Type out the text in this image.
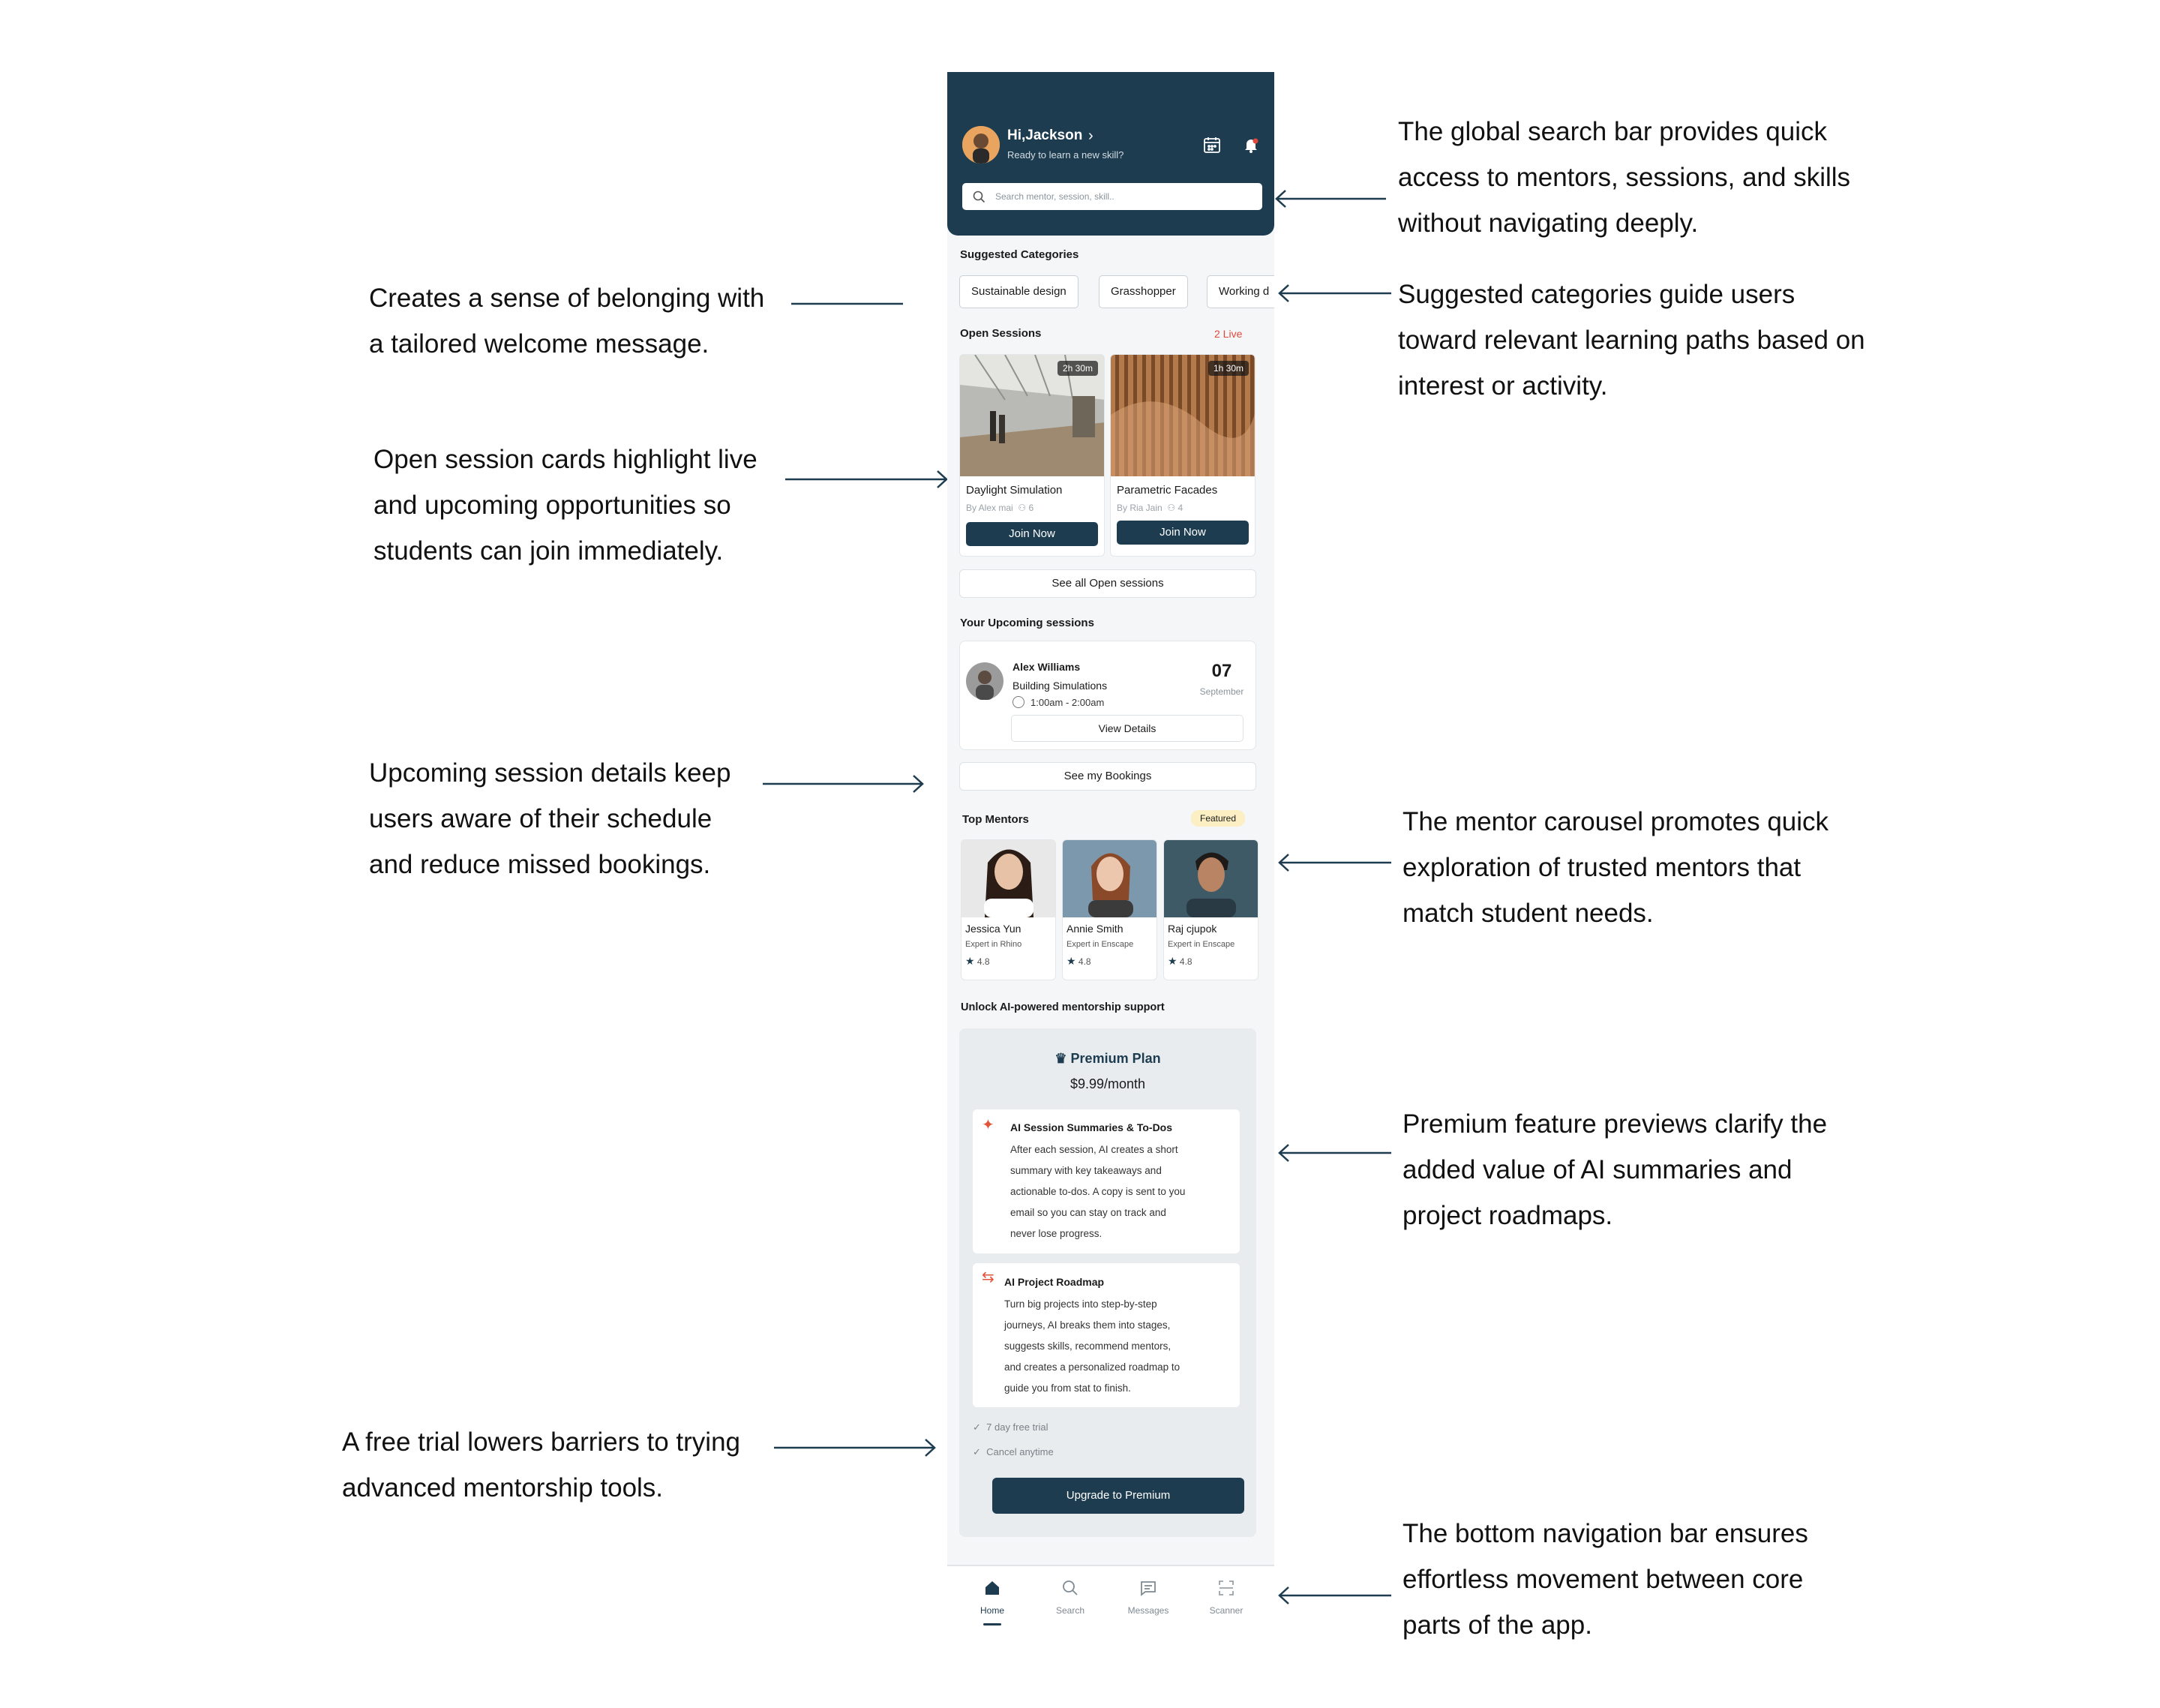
Creates a sense of belonging with
a tailored welcome message.
Open session cards highlight live
and upcoming opportunities so
students can join immediately.
Upcoming session details keep
users aware of their schedule
and reduce missed bookings.
A free trial lowers barriers to trying
advanced mentorship tools.
The global search bar provides quick
access to mentors, sessions, and skills
without navigating deeply.
Suggested categories guide users
toward relevant learning paths based on
interest or activity.
The mentor carousel promotes quick
exploration of trusted mentors that
match student needs.
Premium feature previews clarify the
added value of AI summaries and
project roadmaps.
The bottom navigation bar ensures
effortless movement between core
parts of the app.
Hi,Jackson ›
Ready to learn a new skill?
Search mentor, session, skill..
Suggested Categories
Sustainable design	Grasshopper	Working d
Open Sessions	2 Live
2h 30m
Daylight Simulation
By Alex mai ⚇ 6
Join Now
1h 30m
Parametric Facades
By Ria Jain ⚇ 4
Join Now
See all Open sessions
Your Upcoming sessions
Alex Williams
Building Simulations
1:00am - 2:00am
07
September
View Details
See my Bookings
Top Mentors	Featured
Jessica Yun
Expert in Rhino
★ 4.8
Annie Smith
Expert in Enscape
★ 4.8
Raj cjupok
Expert in Enscape
★ 4.8
Unlock AI-powered mentorship support
♛ Premium Plan
$9.99/month
✦ AI Session Summaries & To-Dos
After each session, AI creates a short
summary with key takeaways and
actionable to-dos. A copy is sent to you
email so you can stay on track and
never lose progress.
⇆ AI Project Roadmap
Turn big projects into step-by-step
journeys, AI breaks them into stages,
suggests skills, recommend mentors,
and creates a personalized roadmap to
guide you from stat to finish.
✓ 7 day free trial
✓ Cancel anytime
Upgrade to Premium
Home	Search	Messages	Scanner
